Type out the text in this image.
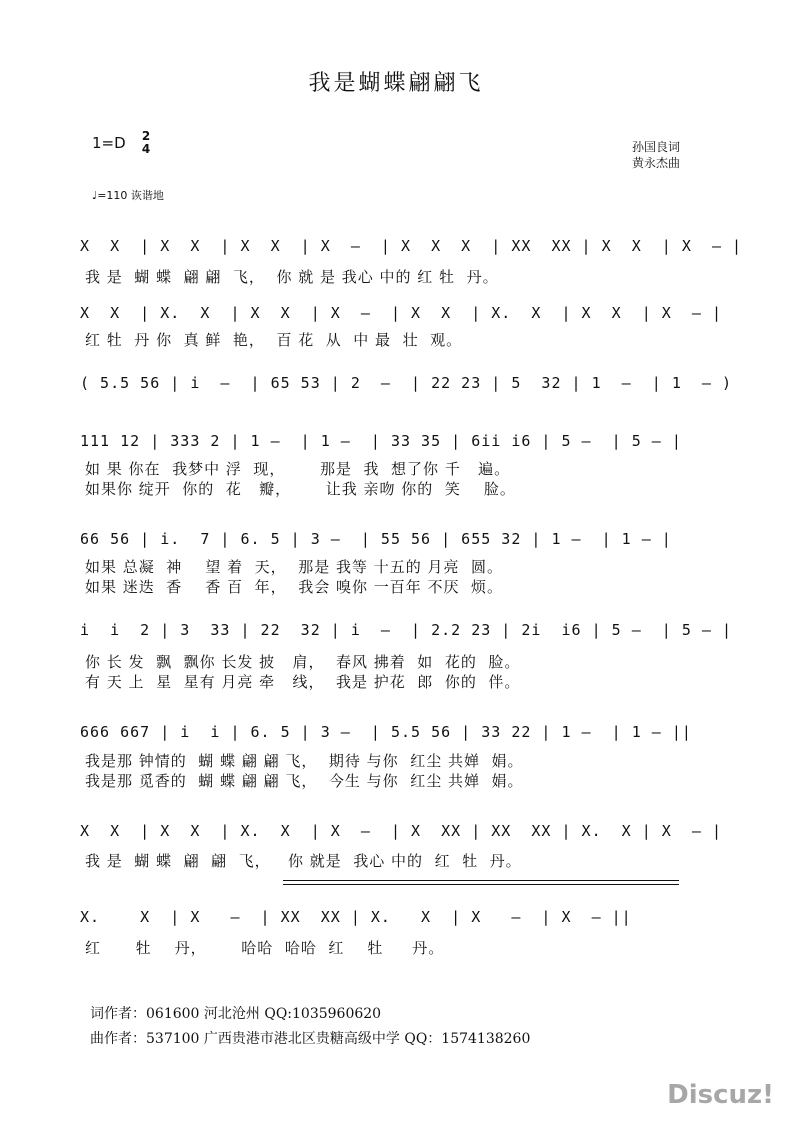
我是蝴蝶翩翩飞
1=D 2
4	孙国良词
黄永杰曲
♩=110 诙谐地
X  X  | X  X  | X  X  | X  –  | X  X  X  | XX  XX | X  X  | X  – |
我 是  蝴 蝶  翩 翩  飞，  你 就 是 我心 中的 红 牡  丹。
X  X  | X.  X  | X  X  | X  –  | X  X  | X.  X  | X  X  | X  – |
红 牡  丹 你  真 鲜  艳，  百 花  从  中 最  壮  观。
( 5.5 56 | i  –  | 65 53 | 2  –  | 22 23 | 5  32 | 1  –  | 1  – )
111 12 | 333 2 | 1 –  | 1 –  | 33 35 | 6ii i6 | 5 –  | 5 – |
如 果 你在  我梦中 浮  现，      那是  我  想了你 千   遍。
如果你 绽开  你的  花   瓣，      让我 亲吻 你的  笑    脸。
66 56 | i.  7 | 6. 5 | 3 –  | 55 56 | 655 32 | 1 –  | 1 – |
如果 总凝  神    望 着  天，  那是 我等 十五的 月亮  圆。
如果 迷迭  香    香 百  年，  我会 嗅你 一百年 不厌  烦。
i  i  2 | 3  33 | 22  32 | i  –  | 2.2 23 | 2i  i6 | 5 –  | 5 – |
你 长 发  飘  飘你 长发 披   肩，  春风 拂着  如  花的  脸。
有 天 上  星  星有 月亮 牵   线，  我是 护花  郎  你的  伴。
666 667 | i  i | 6. 5 | 3 –  | 5.5 56 | 33 22 | 1 –  | 1 – ||
我是那 钟情的  蝴 蝶 翩 翩 飞，  期待 与你  红尘 共婵  娟。
我是那 觅香的  蝴 蝶 翩 翩 飞，  今生 与你  红尘 共婵  娟。
X  X  | X  X  | X.  X  | X  –  | X  XX | XX  XX | X.  X | X  – |
我 是  蝴 蝶  翩  翩  飞，   你 就是  我心 中的  红  牡  丹。
X.    X  | X   –  | XX  XX | X.   X  | X   –  | X  – ||
红      牡    丹，      哈哈  哈哈  红    牡     丹。
词作者：061600 河北沧州 QQ:1035960620
曲作者：537100 广西贵港市港北区贵糖高级中学 QQ：1574138260
Discuz!
